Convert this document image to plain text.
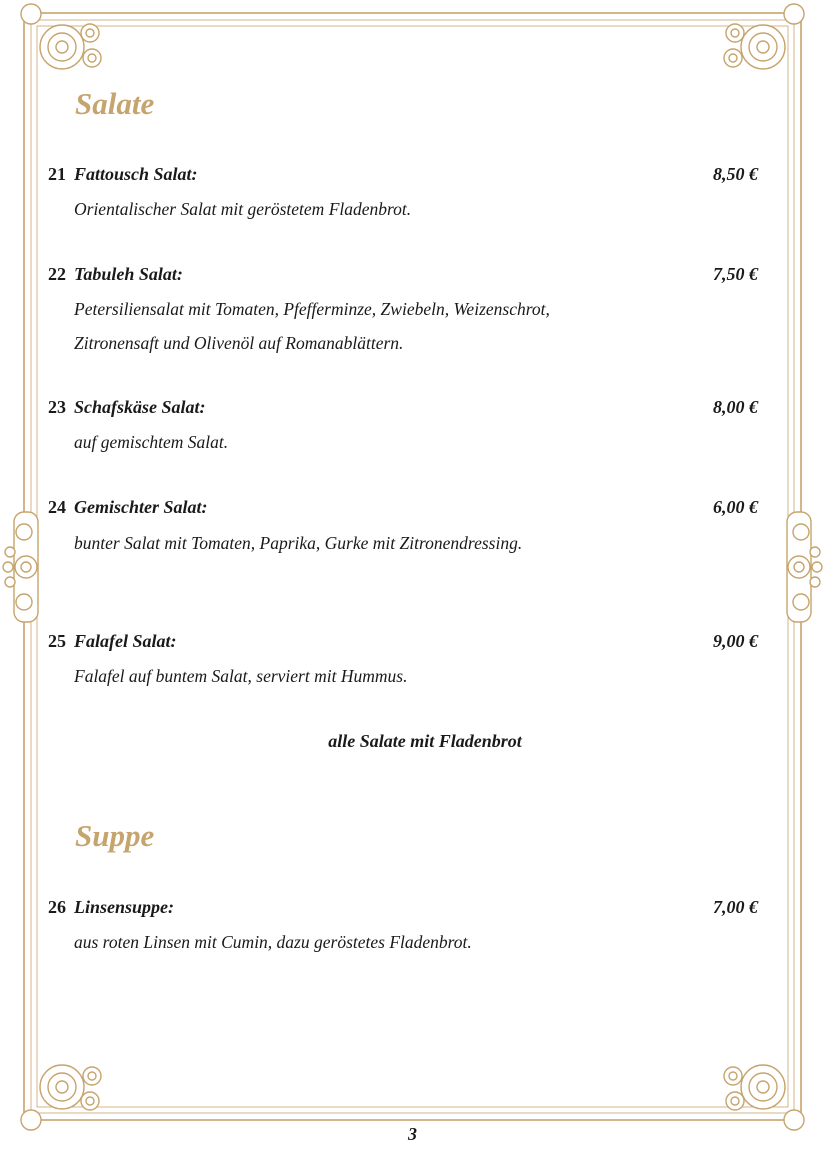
Salate
21 Fattousch Salat:	8,50 €
Orientalischer Salat mit geröstetem Fladenbrot.
22 Tabuleh Salat:	7,50 €
Petersiliensalat mit Tomaten, Pfefferminze, Zwiebeln, Weizenschrot,
Zitronensaft und Olivenöl auf Romanablättern.
23 Schafskäse Salat:	8,00 €
auf gemischtem Salat.
24 Gemischter Salat:	6,00 €
bunter Salat mit Tomaten, Paprika, Gurke mit Zitronendressing.
25 Falafel Salat:	9,00 €
Falafel auf buntem Salat, serviert mit Hummus.
alle Salate mit Fladenbrot
Suppe
26 Linsensuppe:	7,00 €
aus roten Linsen mit Cumin, dazu geröstetes Fladenbrot.
3
